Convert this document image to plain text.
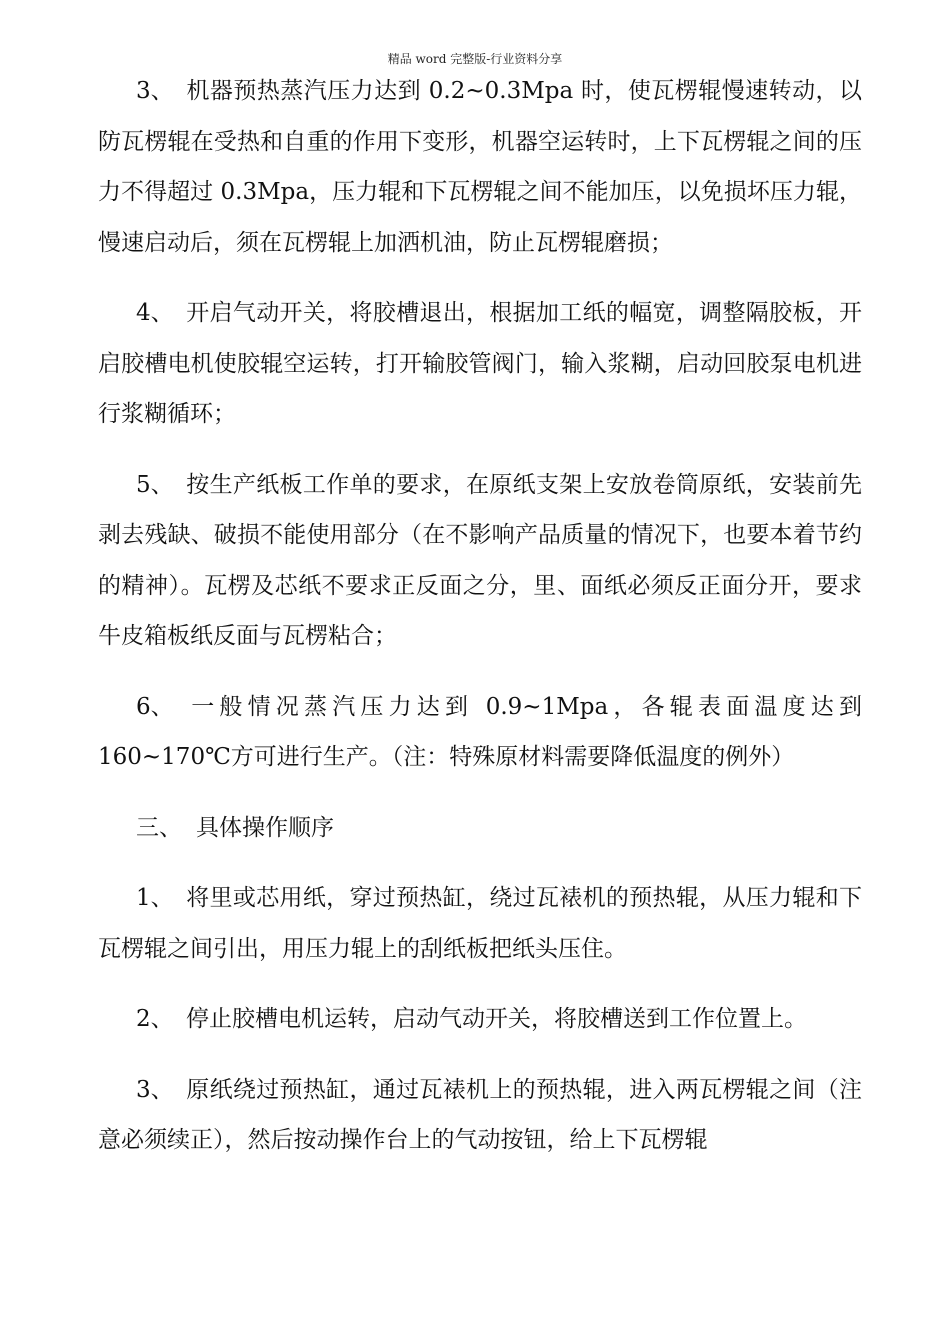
精品 word 完整版-行业资料分享

3、 机器预热蒸汽压力达到 0.2~0.3Mpa 时，使瓦楞辊慢速转动，以防瓦楞辊在受热和自重的作用下变形，机器空运转时，上下瓦楞辊之间的压力不得超过 0.3Mpa，压力辊和下瓦楞辊之间不能加压，以免损坏压力辊，慢速启动后，须在瓦楞辊上加洒机油，防止瓦楞辊磨损；

4、 开启气动开关，将胶槽退出，根据加工纸的幅宽，调整隔胶板，开启胶槽电机使胶辊空运转，打开输胶管阀门，输入浆糊，启动回胶泵电机进行浆糊循环；

5、 按生产纸板工作单的要求，在原纸支架上安放卷筒原纸，安装前先剥去残缺、破损不能使用部分（在不影响产品质量的情况下，也要本着节约的精神）。瓦楞及芯纸不要求正反面之分，里、面纸必须反正面分开，要求牛皮箱板纸反面与瓦楞粘合；

6、 一般情况蒸汽压力达到 0.9~1Mpa，各辊表面温度达到160~170℃方可进行生产。（注：特殊原材料需要降低温度的例外）

三、 具体操作顺序

1、 将里或芯用纸，穿过预热缸，绕过瓦裱机的预热辊，从压力辊和下瓦楞辊之间引出，用压力辊上的刮纸板把纸头压住。

2、 停止胶槽电机运转，启动气动开关，将胶槽送到工作位置上。

3、 原纸绕过预热缸，通过瓦裱机上的预热辊，进入两瓦楞辊之间（注意必须续正），然后按动操作台上的气动按钮，给上下瓦楞辊
